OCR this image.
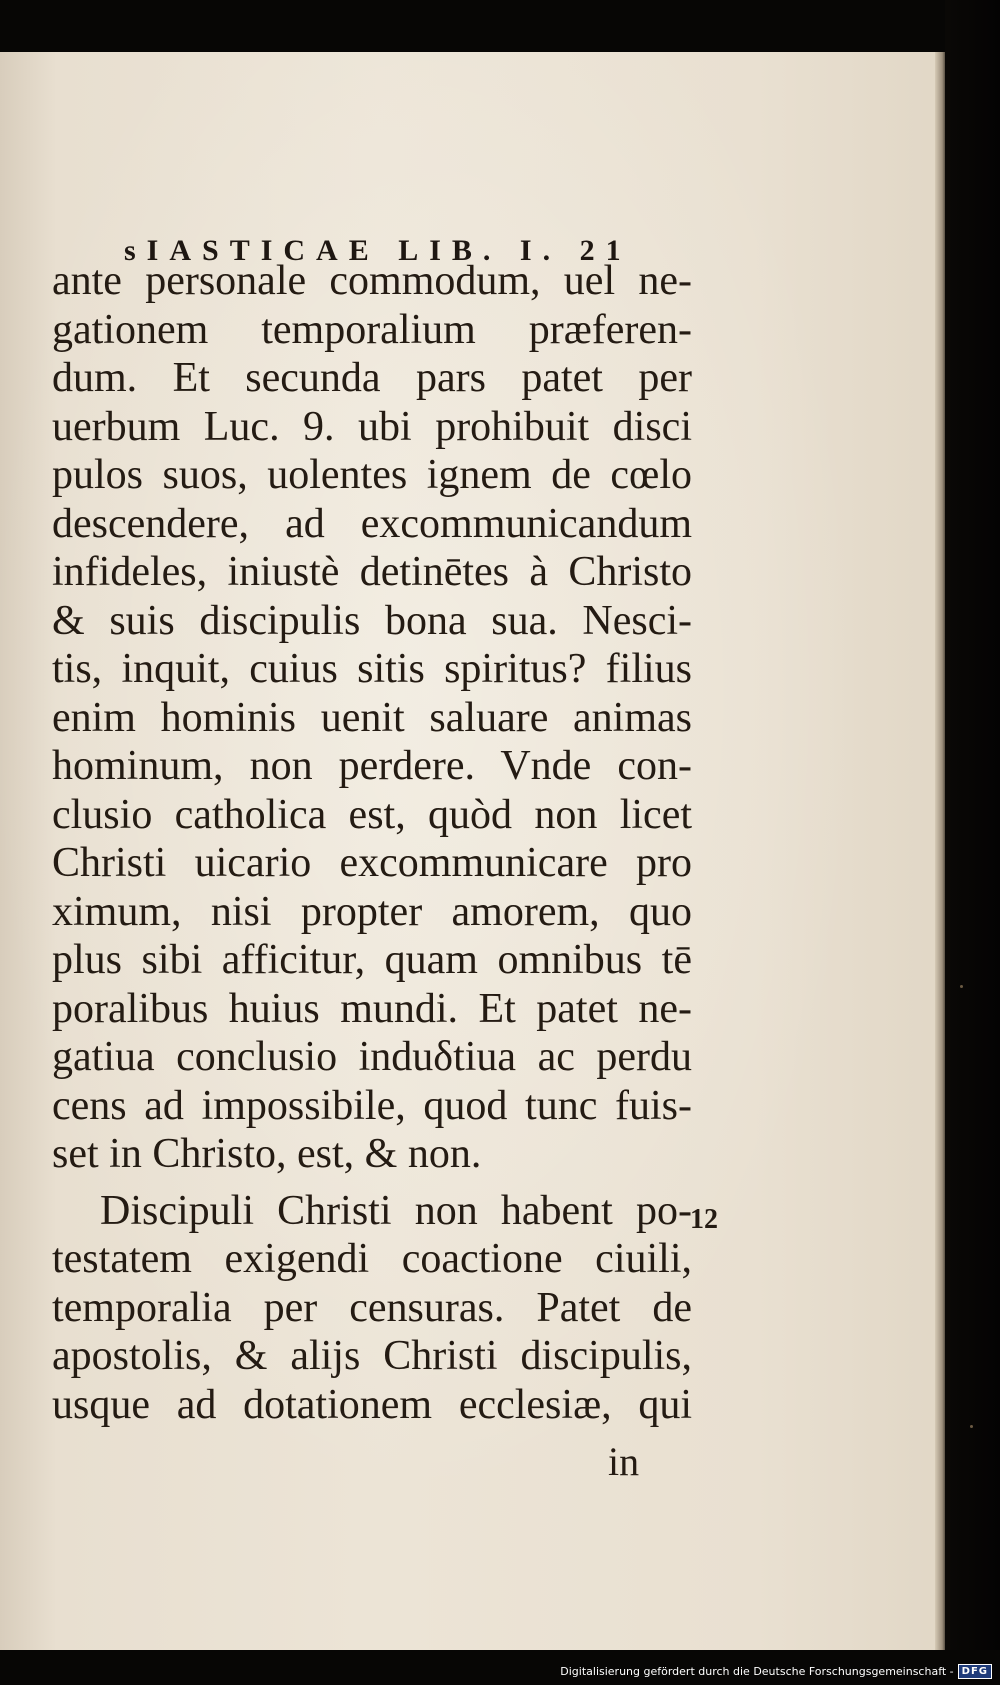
ѕIASTICAE LIB. I. 21
ante personale commodum, uel ne-
gationem temporalium præferen-
dum. Et secunda pars patet per
uerbum Luc. 9. ubi prohibuit disci
pulos suos, uolentes ignem de cœlo
descendere, ad excommunicandum
infideles, iniustè detinētes à Christo
& suis discipulis bona sua. Nesci-
tis, inquit, cuius sitis spiritus? filius
enim hominis uenit saluare animas
hominum, non perdere. Vnde con-
clusio catholica est, quòd non licet
Christi uicario excommunicare pro
ximum, nisi propter amorem, quo
plus sibi afficitur, quam omnibus tē
poralibus huius mundi. Et patet ne-
gatiua conclusio induδtiua ac perdu
cens ad impossibile, quod tunc fuis-
set in Christo, est, & non.
Discipuli Christi non habent po-
testatem exigendi coactione ciuili,
temporalia per censuras. Patet de
apostolis, & alijs Christi discipulis,
usque ad dotationem ecclesiæ, qui
12
in
Digitalisierung gefördert durch die Deutsche Forschungsgemeinschaft - DFG
